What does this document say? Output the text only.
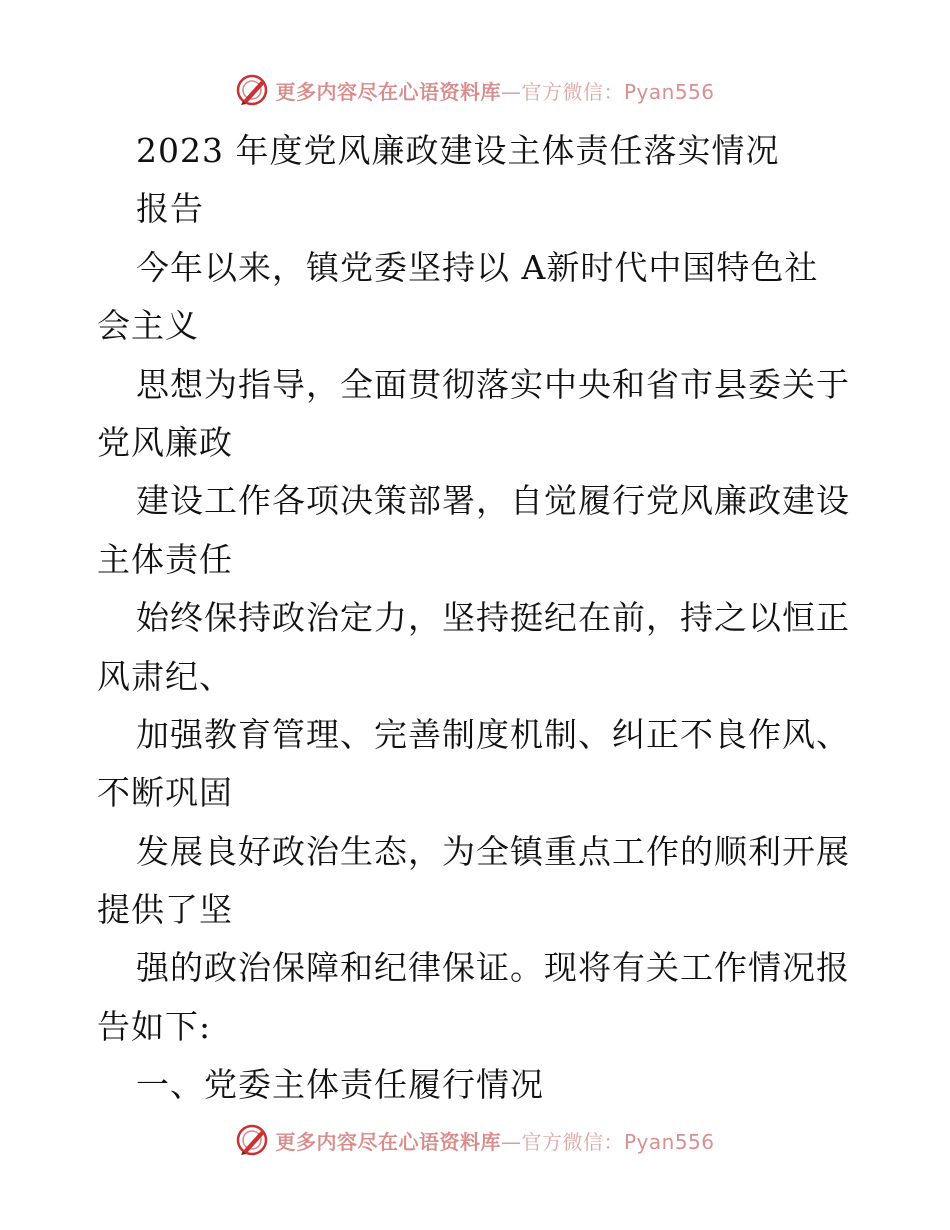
更多内容尽在心语资料库—官方微信：Pyan556
2023 年度党风廉政建设主体责任落实情况
报告
今年以来，镇党委坚持以 A新时代中国特色社
会主义
思想为指导，全面贯彻落实中央和省市县委关于
党风廉政
建设工作各项决策部署，自觉履行党风廉政建设
主体责任
始终保持政治定力，坚持挺纪在前，持之以恒正
风肃纪、
加强教育管理、完善制度机制、纠正不良作风、
不断巩固
发展良好政治生态，为全镇重点工作的顺利开展
提供了坚
强的政治保障和纪律保证。现将有关工作情况报
告如下:
一、党委主体责任履行情况
更多内容尽在心语资料库—官方微信：Pyan556
